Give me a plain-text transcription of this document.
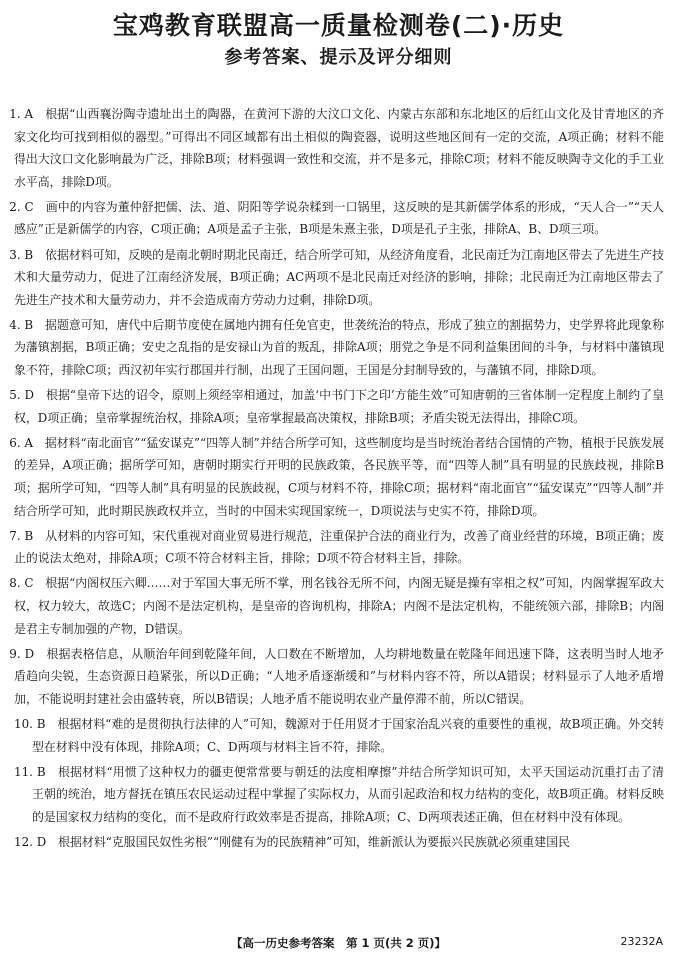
宝鸡教育联盟高一质量检测卷(二)·历史
参考答案、提示及评分细则

1. A　 根据“山西襄汾陶寺遗址出土的陶器，在黄河下游的大汶口文化、内蒙古东部和东北地区的后红山文化及甘青地区的齐家文化均可找到相似的器型。”可得出不同区域都有出土相似的陶瓷器，说明这些地区间有一定的交流，A项正确；材料不能得出大汶口文化影响最为广泛，排除B项；材料强调一致性和交流，并不是多元，排除C项；材料不能反映陶寺文化的手工业水平高，排除D项。

2. C　 画中的内容为董仲舒把儒、法、道、阴阳等学说杂糅到一口锅里，这反映的是其新儒学体系的形成，“天人合一”“天人感应”正是新儒学的内容，C项正确；A项是孟子主张，B项是朱熹主张，D项是孔子主张，排除A、B、D项三项。

3. B　 依据材料可知，反映的是南北朝时期北民南迁，结合所学可知，从经济角度看，北民南迁为江南地区带去了先进生产技术和大量劳动力，促进了江南经济发展，B项正确；AC两项不是北民南迁对经济的影响，排除；北民南迁为江南地区带去了先进生产技术和大量劳动力，并不会造成南方劳动力过剩，排除D项。

4. B　 据题意可知，唐代中后期节度使在属地内拥有任免官吏，世袭统治的特点，形成了独立的割据势力，史学界将此现象称为藩镇割据，B项正确；安史之乱指的是安禄山为首的叛乱，排除A项；朋党之争是不同利益集团间的斗争，与材料中藩镇现象不符，排除C项；西汉初年实行郡国并行制，出现了王国问题，王国是分封制导致的，与藩镇不同，排除D项。

5. D　 根据“皇帝下达的诏令，原则上须经宰相通过，加盖‘中书门下之印’方能生效”可知唐朝的三省体制一定程度上制约了皇权，D项正确；皇帝掌握统治权，排除A项；皇帝掌握最高决策权，排除B项；矛盾尖锐无法得出，排除C项。

6. A　 据材料“南北面官”“猛安谋克”“四等人制”并结合所学可知，这些制度均是当时统治者结合国情的产物，植根于民族发展的差异，A项正确；据所学可知，唐朝时期实行开明的民族政策，各民族平等，而“四等人制”具有明显的民族歧视，排除B项；据所学可知，“四等人制”具有明显的民族歧视，C项与材料不符，排除C项；据材料“南北面官”“猛安谋克”“四等人制”并结合所学可知，此时期民族政权并立，当时的中国未实现国家统一，D项说法与史实不符，排除D项。

7. B　 从材料的内容可知，宋代重视对商业贸易进行规范，注重保护合法的商业行为，改善了商业经营的环境，B项正确；废止的说法太绝对，排除A项；C项不符合材料主旨，排除；D项不符合材料主旨，排除。

8. C　 根据“内阁权压六卿……对于军国大事无所不掌，刑名钱谷无所不问，内阁无疑是操有宰相之权”可知，内阁掌握军政大权，权力较大，故选C；内阁不是法定机构，是皇帝的咨询机构，排除A；内阁不是法定机构，不能统领六部，排除B；内阁是君主专制加强的产物，D错误。

9. D　 根据表格信息，从顺治年间到乾隆年间，人口数在不断增加，人均耕地数量在乾隆年间迅速下降，这表明当时人地矛盾趋向尖锐，生态资源日趋紧张，所以D正确；“人地矛盾逐渐缓和”与材料内容不符，所以A错误；材料显示了人地矛盾增加，不能说明封建社会由盛转衰，所以B错误；人地矛盾不能说明农业产量停滞不前，所以C错误。

10. B　 根据材料“难的是贯彻执行法律的人”可知，魏源对于任用贤才于国家治乱兴衰的重要性的重视，故B项正确。外交转型在材料中没有体现，排除A项；C、D两项与材料主旨不符，排除。

11. B　 根据材料“用惯了这种权力的疆吏便常常要与朝廷的法度相摩擦”并结合所学知识可知，太平天国运动沉重打击了清王朝的统治，地方督抚在镇压农民运动过程中掌握了实际权力，从而引起政治和权力结构的变化，故B项正确。材料反映的是国家权力结构的变化，而不是政府行政效率是否提高，排除A项；C、D两项表述正确，但在材料中没有体现。

12. D　 根据材料“克服国民奴性劣根”“刚健有为的民族精神”可知，维新派认为要振兴民族就必须重建国民

【高一历史参考答案　第 1 页(共 2 页)】	23232A
